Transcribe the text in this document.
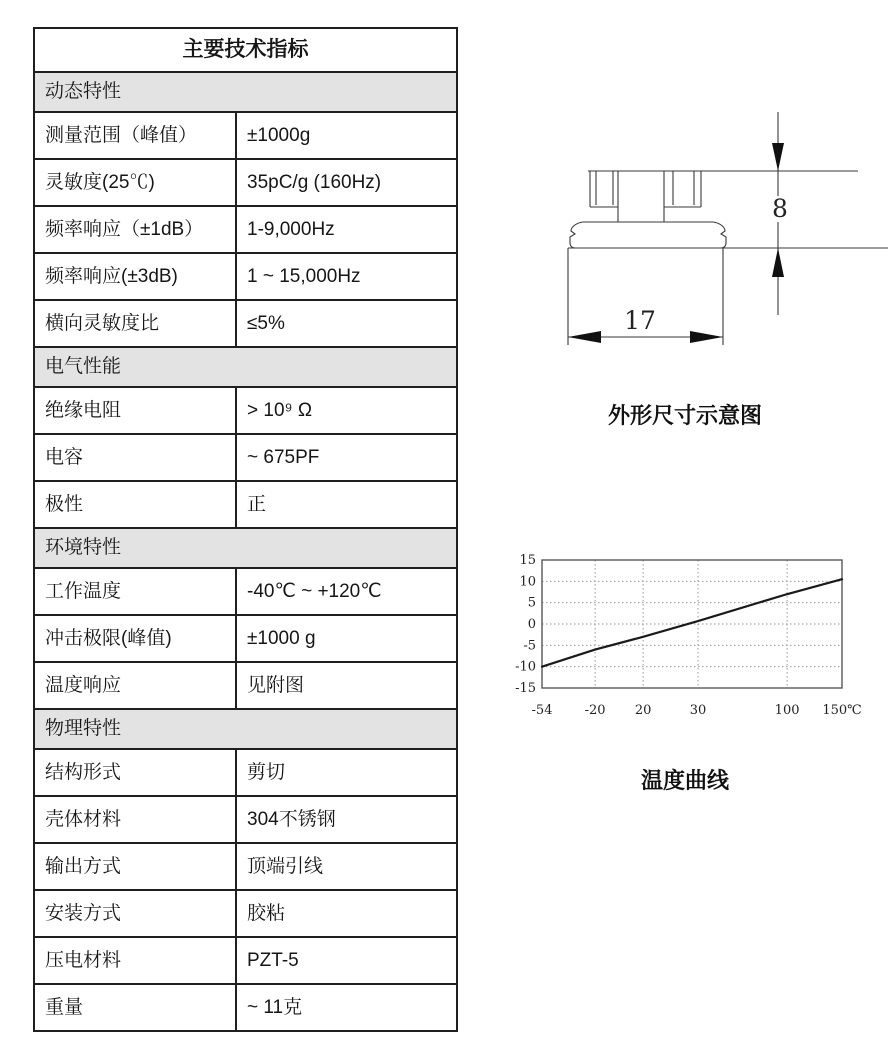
主要技术指标	
动态特性	
测量范围（峰值）	±1000g
灵敏度(25℃)	35pC/g (160Hz)
频率响应（±1dB）	1-9,000Hz
频率响应(±3dB)	1 ~ 15,000Hz
横向灵敏度比	≤5%
电气性能	
绝缘电阻	> 10⁹ Ω
电容	~ 675PF
极性	正
环境特性	
工作温度	-40℃ ~ +120℃
冲击极限(峰值)	±1000 g
温度响应	见附图
物理特性	
结构形式	剪切
壳体材料	304不锈钢
输出方式	顶端引线
安装方式	胶粘
压电材料	PZT-5
重量	~ 11克
8
17
外形尺寸示意图
15
10
5
0
-5
-10
-15
-54 -20 20	30	100 150℃
温度曲线
